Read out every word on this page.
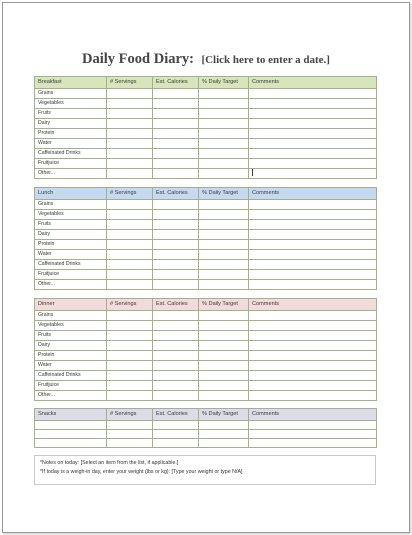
Daily Food Diary: [Click here to enter a date.]
Breakfast	# Servings	Est. Calories	% Daily Target	Comments
Grains				
Vegetables				
Fruits				
Dairy				
Protein				
Water				
Caffeinated Drinks				
Fruitjuice				
Other...				
Lunch	# Servings	Est. Calories	% Daily Target	Comments
Grains				
Vegetables				
Fruits				
Dairy				
Protein				
Water				
Caffeinated Drinks				
Fruitjuice				
Other...				
Dinner	# Servings	Est. Calories	% Daily Target	Comments
Grains				
Vegetables				
Fruits				
Dairy				
Protein				
Water				
Caffeinated Drinks				
Fruitjuice				
Other...				
Snacks	# Servings	Est. Calories	% Daily Target	Comments

*Notes on today: [Select an item from the list, if applicable.]
*If today is a weigh-in day, enter your weight (lbs or kg): [Type your weight or type N/A]
